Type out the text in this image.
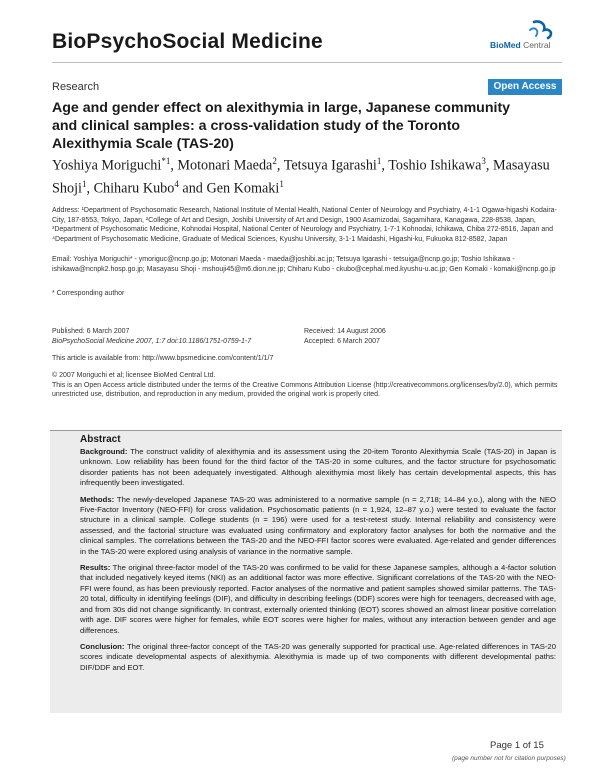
BioPsychoSocial Medicine	BioMed Central
Research	Open Access
Age and gender effect on alexithymia in large, Japanese community and clinical samples: a cross-validation study of the Toronto Alexithymia Scale (TAS-20)
Yoshiya Moriguchi$^{*1}$, Motonari Maeda$^2$, Tetsuya Igarashi$^1$, Toshio Ishikawa$^3$, Masayasu Shoji$^1$, Chiharu Kubo$^4$ and Gen Komaki$^1$
Address: ¹Department of Psychosomatic Research, National Institute of Mental Health, National Center of Neurology and Psychiatry, 4-1-1 Ogawa-higashi Kodaira-City, 187-8553, Tokyo, Japan, ²College of Art and Design, Joshibi University of Art and Design, 1900 Asamizodai, Sagamihara, Kanagawa, 228-8538, Japan, ³Department of Psychosomatic Medicine, Kohnodai Hospital, National Center of Neurology and Psychiatry, 1-7-1 Kohnodai, Ichikawa, Chiba 272-8516, Japan and ⁴Department of Psychosomatic Medicine, Graduate of Medical Sciences, Kyushu University, 3-1-1 Maidashi, Higashi-ku, Fukuoka 812-8582, Japan
Email: Yoshiya Moriguchi* - ymoriguc@ncnp.go.jp; Motonari Maeda - maeda@joshibi.ac.jp; Tetsuya Igarashi - tetsuiga@ncnp.go.jp; Toshio Ishikawa - ishikawa@ncnpk2.hosp.go.jp; Masayasu Shoji - mshouji45@m6.dion.ne.jp; Chiharu Kubo - ckubo@cephal.med.kyushu-u.ac.jp; Gen Komaki - komaki@ncnp.go.jp
* Corresponding author
Published: 6 March 2007
BioPsychoSocial Medicine 2007, 1:7 doi:10.1186/1751-0759-1-7
Received: 14 August 2006
Accepted: 6 March 2007
This article is available from: http://www.bpsmedicine.com/content/1/1/7
© 2007 Moriguchi et al; licensee BioMed Central Ltd.
This is an Open Access article distributed under the terms of the Creative Commons Attribution License (http://creativecommons.org/licenses/by/2.0), which permits unrestricted use, distribution, and reproduction in any medium, provided the original work is properly cited.
Abstract

Background: The construct validity of alexithymia and its assessment using the 20-item Toronto Alexithymia Scale (TAS-20) in Japan is unknown. Low reliability has been found for the third factor of the TAS-20 in some cultures, and the factor structure for psychosomatic disorder patients has not been adequately investigated. Although alexithymia most likely has certain developmental aspects, this has infrequently been investigated.

Methods: The newly-developed Japanese TAS-20 was administered to a normative sample (n = 2,718; 14–84 y.o.), along with the NEO Five-Factor Inventory (NEO-FFI) for cross validation. Psychosomatic patients (n = 1,924, 12–87 y.o.) were tested to evaluate the factor structure in a clinical sample. College students (n = 196) were used for a test-retest study. Internal reliability and consistency were assessed, and the factorial structure was evaluated using confirmatory and exploratory factor analyses for both the normative and the clinical samples. The correlations between the TAS-20 and the NEO-FFI factor scores were evaluated. Age-related and gender differences in the TAS-20 were explored using analysis of variance in the normative sample.

Results: The original three-factor model of the TAS-20 was confirmed to be valid for these Japanese samples, although a 4-factor solution that included negatively keyed items (NKI) as an additional factor was more effective. Significant correlations of the TAS-20 with the NEO-FFI were found, as has been previously reported. Factor analyses of the normative and patient samples showed similar patterns. The TAS-20 total, difficulty in identifying feelings (DIF), and difficulty in describing feelings (DDF) scores were high for teenagers, decreased with age, and from 30s did not change significantly. In contrast, externally oriented thinking (EOT) scores showed an almost linear positive correlation with age. DIF scores were higher for females, while EOT scores were higher for males, without any interaction between gender and age differences.

Conclusion: The original three-factor concept of the TAS-20 was generally supported for practical use. Age-related differences in TAS-20 scores indicate developmental aspects of alexithymia. Alexithymia is made up of two components with different developmental paths: DIF/DDF and EOT.

Page 1 of 15
(page number not for citation purposes)
